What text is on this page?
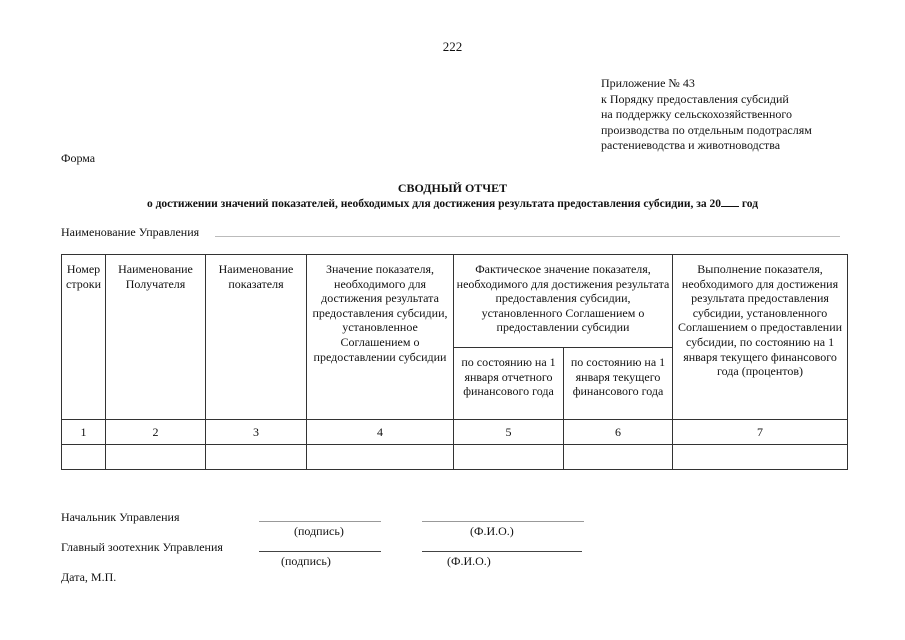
222
Приложение № 43
к Порядку предоставления субсидий
на поддержку сельскохозяйственного
производства по отдельным подотраслям
растениеводства и животноводства
Форма
СВОДНЫЙ ОТЧЕТ
о достижении значений показателей, необходимых для достижения результата предоставления субсидии, за 20 год
Наименование Управления
Номер строки	Наименование Получателя	Наименование показателя	Значение показателя, необходимого для достижения результата предоставления субсидии, установленное Соглашением о предоставлении субсидии	Фактическое значение показателя, необходимого для достижения результата предоставления субсидии, установленного Соглашением о предоставлении субсидии		Выполнение показателя, необходимого для достижения результата предоставления субсидии, установленного Соглашением о предоставлении субсидии, по состоянию на 1 января текущего финансового года (процентов)
				по состоянию на 1 января отчетного финансового года	по состоянию на 1 января текущего финансового года	
1	2	3	4	5	6	7

Начальник Управления
(подпись)	(Ф.И.О.)
Главный зоотехник Управления
(подпись)	(Ф.И.О.)
Дата, М.П.
